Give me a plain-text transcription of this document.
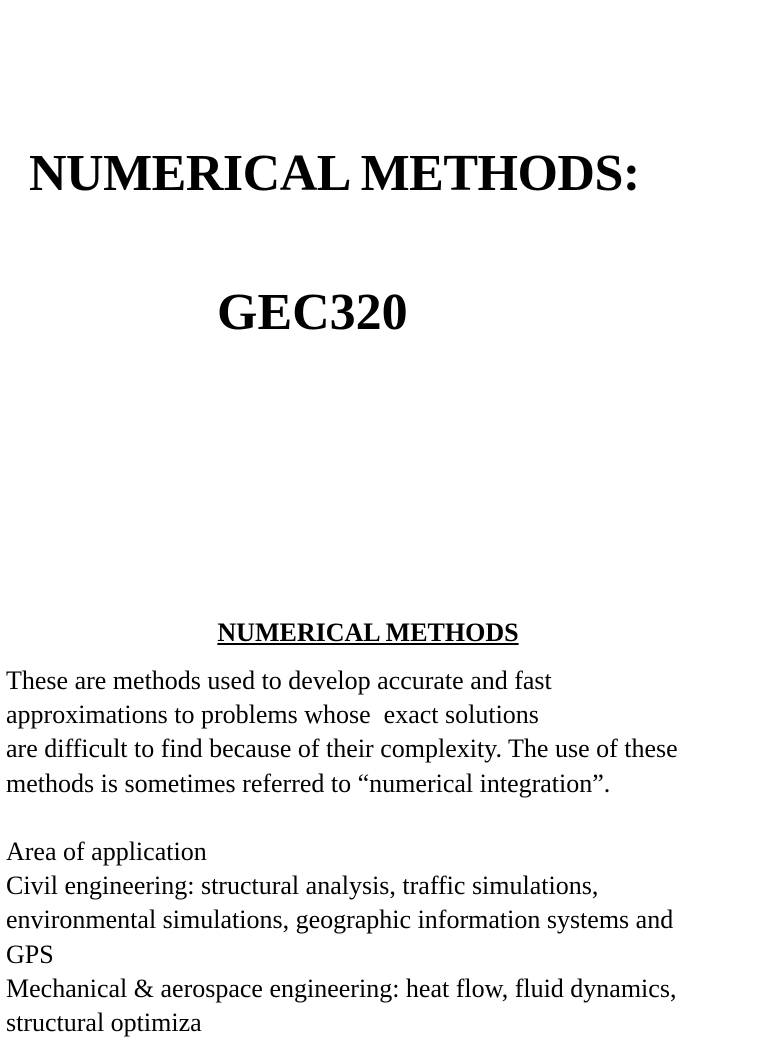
NUMERICAL METHODS:
GEC320
NUMERICAL METHODS
These are methods used to develop accurate and fast
approximations to problems whose  exact solutions
are difficult to find because of their complexity. The use of these
methods is sometimes referred to “numerical integration”.
Area of application
Civil engineering: structural analysis, traffic simulations,
environmental simulations, geographic information systems and
GPS
Mechanical & aerospace engineering: heat flow, fluid dynamics,
structural optimiza
